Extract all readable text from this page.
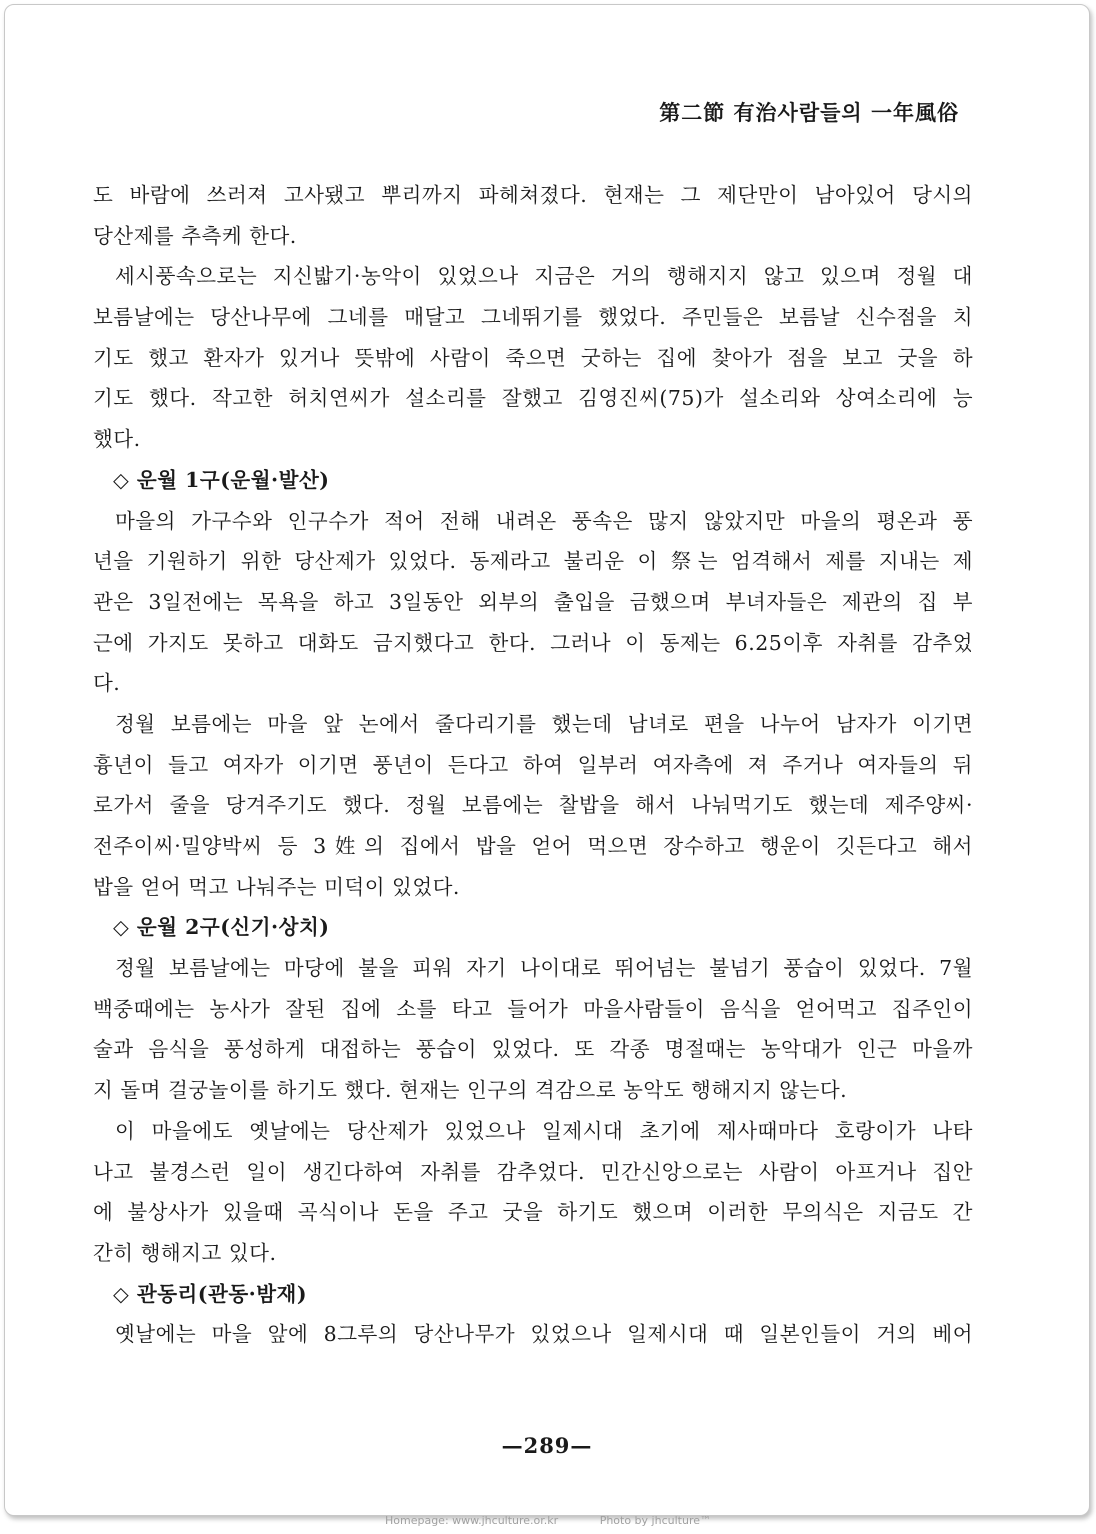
第二節 有治사람들의 一年風俗
도 바람에 쓰러져 고사됐고 뿌리까지 파헤쳐졌다. 현재는 그 제단만이 남아있어 당시의
당산제를 추측케 한다.
세시풍속으로는 지신밟기·농악이 있었으나 지금은 거의 행해지지 않고 있으며 정월 대
보름날에는 당산나무에 그네를 매달고 그네뛰기를 했었다. 주민들은 보름날 신수점을 치
기도 했고 환자가 있거나 뜻밖에 사람이 죽으면 굿하는 집에 찾아가 점을 보고 굿을 하
기도 했다. 작고한 허치연씨가 설소리를 잘했고 김영진씨(75)가 설소리와 상여소리에 능
했다.
◇ 운월 1구(운월·발산)
마을의 가구수와 인구수가 적어 전해 내려온 풍속은 많지 않았지만 마을의 평온과 풍
년을 기원하기 위한 당산제가 있었다. 동제라고 불리운 이 祭는 엄격해서 제를 지내는 제
관은 3일전에는 목욕을 하고 3일동안 외부의 출입을 금했으며 부녀자들은 제관의 집 부
근에 가지도 못하고 대화도 금지했다고 한다. 그러나 이 동제는 6.25이후 자취를 감추었
다.
정월 보름에는 마을 앞 논에서 줄다리기를 했는데 남녀로 편을 나누어 남자가 이기면
흉년이 들고 여자가 이기면 풍년이 든다고 하여 일부러 여자측에 져 주거나 여자들의 뒤
로가서 줄을 당겨주기도 했다. 정월 보름에는 찰밥을 해서 나눠먹기도 했는데 제주양씨·
전주이씨·밀양박씨 등 3姓의 집에서 밥을 얻어 먹으면 장수하고 행운이 깃든다고 해서
밥을 얻어 먹고 나눠주는 미덕이 있었다.
◇ 운월 2구(신기·상치)
정월 보름날에는 마당에 불을 피워 자기 나이대로 뛰어넘는 불넘기 풍습이 있었다. 7월
백중때에는 농사가 잘된 집에 소를 타고 들어가 마을사람들이 음식을 얻어먹고 집주인이
술과 음식을 풍성하게 대접하는 풍습이 있었다. 또 각종 명절때는 농악대가 인근 마을까
지 돌며 걸궁놀이를 하기도 했다. 현재는 인구의 격감으로 농악도 행해지지 않는다.
이 마을에도 옛날에는 당산제가 있었으나 일제시대 초기에 제사때마다 호랑이가 나타
나고 불경스런 일이 생긴다하여 자취를 감추었다. 민간신앙으로는 사람이 아프거나 집안
에 불상사가 있을때 곡식이나 돈을 주고 굿을 하기도 했으며 이러한 무의식은 지금도 간
간히 행해지고 있다.
◇ 관동리(관동·밤재)
옛날에는 마을 앞에 8그루의 당산나무가 있었으나 일제시대 때 일본인들이 거의 베어
—289—
Homepage: www.jhculture.or.kr	Photo by jhculture™
